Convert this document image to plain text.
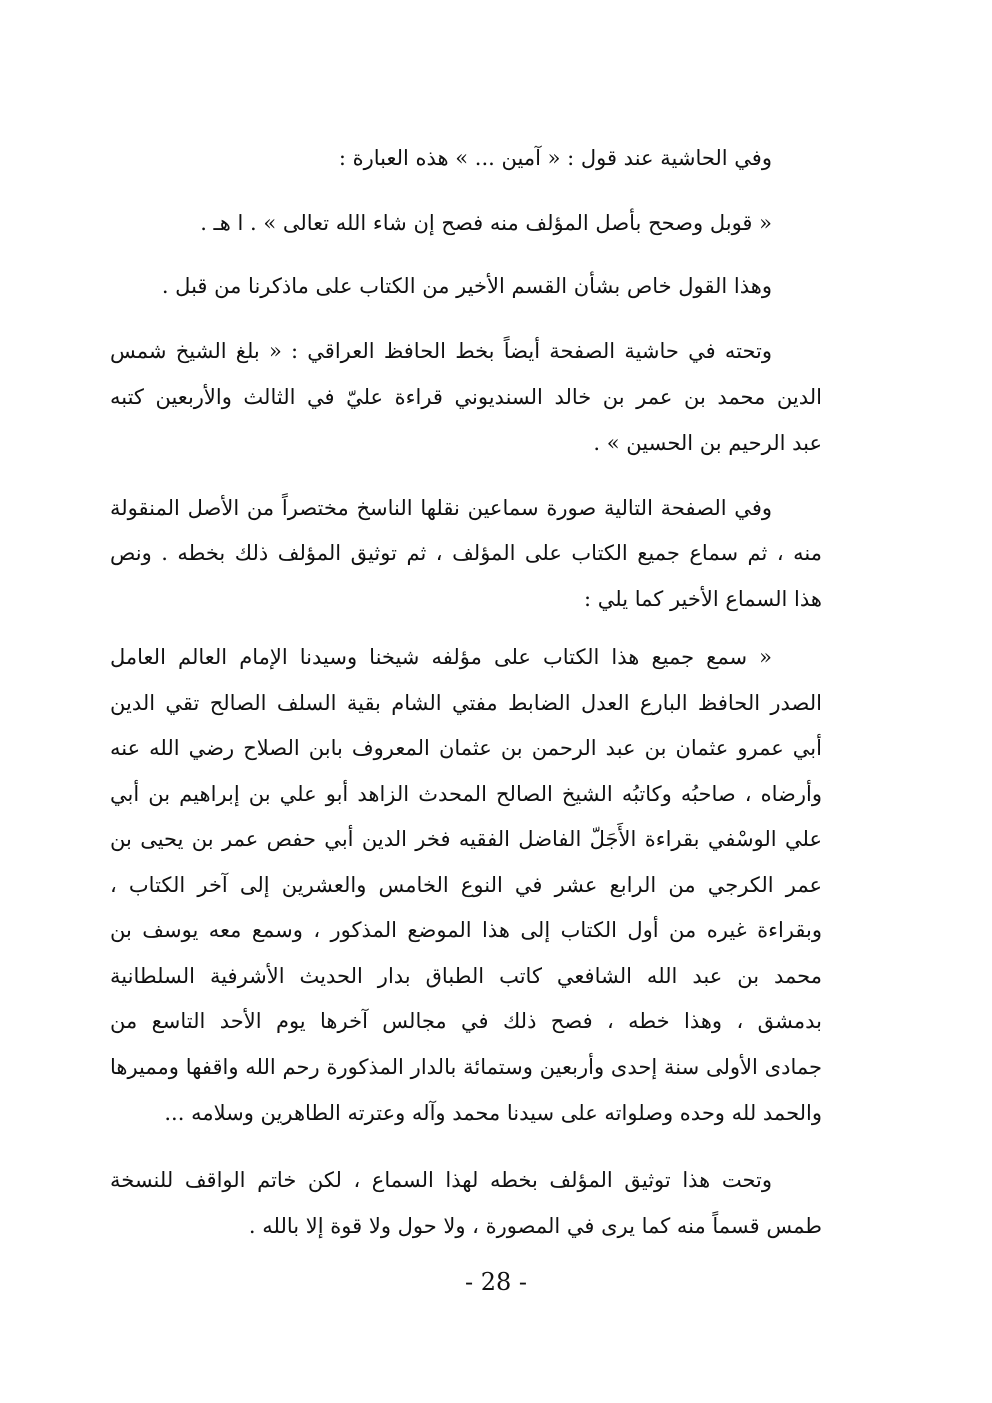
وفي الحاشية عند قول : « آمين ... » هذه العبارة :
« قوبل وصحح بأصل المؤلف منه فصح إن شاء الله تعالى » . ا هـ .
وهذا القول خاص بشأن القسم الأخير من الكتاب على ماذكرنا من قبل .
وتحته في حاشية الصفحة أيضاً بخط الحافظ العراقي : « بلغ الشيخ شمس
الدين محمد بن عمر بن خالد السنديوني قراءة عليّ في الثالث والأربعين كتبه
عبد الرحيم بن الحسين » .
وفي الصفحة التالية صورة سماعين نقلها الناسخ مختصراً من الأصل المنقولة
منه ، ثم سماع جميع الكتاب على المؤلف ، ثم توثيق المؤلف ذلك بخطه . ونص
هذا السماع الأخير كما يلي :
« سمع جميع هذا الكتاب على مؤلفه شيخنا وسيدنا الإمام العالم العامل
الصدر الحافظ البارع العدل الضابط مفتي الشام بقية السلف الصالح تقي الدين
أبي عمرو عثمان بن عبد الرحمن بن عثمان المعروف بابن الصلاح رضي الله عنه
وأرضاه ، صاحبُه وكاتبُه الشيخ الصالح المحدث الزاهد أبو علي بن إبراهيم بن أبي
علي الوسْفي بقراءة الأَجَلّ الفاضل الفقيه فخر الدين أبي حفص عمر بن يحيى بن
عمر الكرجي من الرابع عشر في النوع الخامس والعشرين إلى آخر الكتاب ،
وبقراءة غيره من أول الكتاب إلى هذا الموضع المذكور ، وسمع معه يوسف بن
محمد بن عبد الله الشافعي كاتب الطباق بدار الحديث الأشرفية السلطانية
بدمشق ، وهذا خطه ، فصح ذلك في مجالس آخرها يوم الأحد التاسع من
جمادى الأولى سنة إحدى وأربعين وستمائة بالدار المذكورة رحم الله واقفها ومميرها
والحمد لله وحده وصلواته على سيدنا محمد وآله وعترته الطاهرين وسلامه ...
وتحت هذا توثيق المؤلف بخطه لهذا السماع ، لكن خاتم الواقف للنسخة
طمس قسماً منه كما يرى في المصورة ، ولا حول ولا قوة إلا بالله .
- 28 -
